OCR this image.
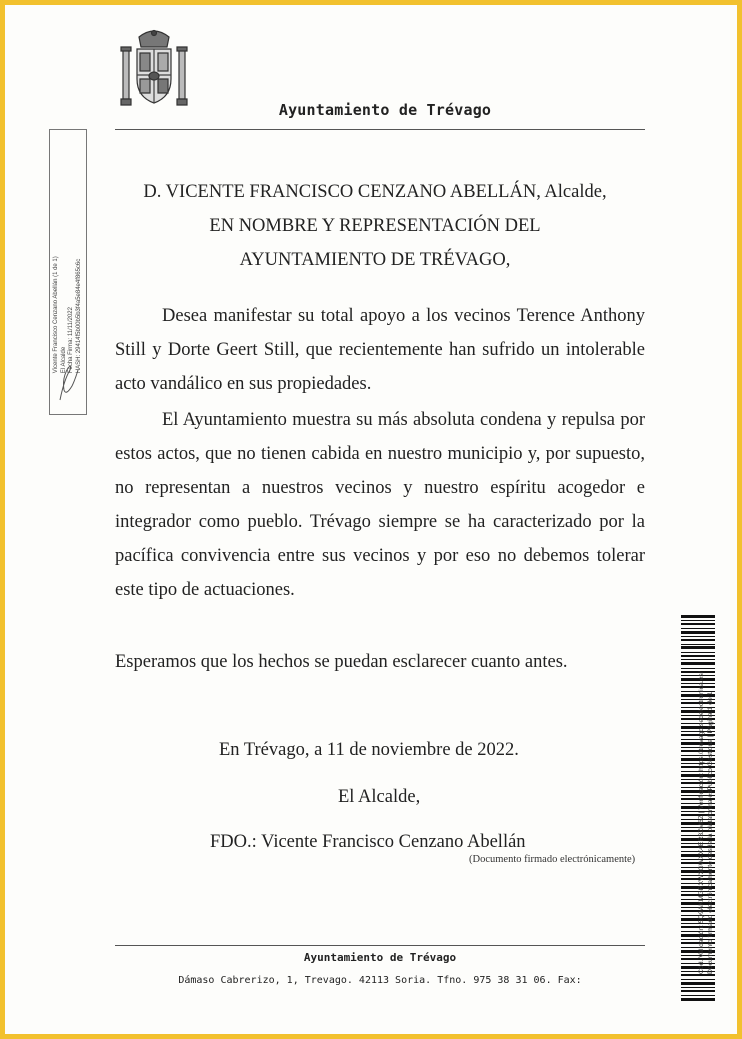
Ayuntamiento de Trévago
Vicente Francisco Cenzano Abellán (1 de 1) El Alcalde Fecha Firma: 11/11/2022 HASH: 29414f5b00b5b3f4a5e84e4f865c6c
D. VICENTE FRANCISCO CENZANO ABELLÁN, Alcalde,
EN NOMBRE Y REPRESENTACIÓN DEL
AYUNTAMIENTO DE TRÉVAGO,

Desea manifestar su total apoyo a los vecinos Terence Anthony Still y Dorte Geert Still, que recientemente han sufrido un intolerable acto vandálico en sus propiedades.

El Ayuntamiento muestra su más absoluta condena y repulsa por estos actos, que no tienen cabida en nuestro municipio y, por supuesto, no representan a nuestros vecinos y nuestro espíritu acogedor e integrador como pueblo. Trévago siempre se ha caracterizado por la pacífica convivencia entre sus vecinos y por eso no debemos tolerar este tipo de actuaciones.

Esperamos que los hechos se puedan esclarecer cuanto antes.

En Trévago, a 11 de noviembre de 2022.
El Alcalde,
FDO.: Vicente Francisco Cenzano Abellán
(Documento firmado electrónicamente)
Ayuntamiento de Trévago
Dámaso Cabrerizo, 1, Trevago. 42113 Soria. Tfno. 975 38 31 06. Fax:
Cód. Validación: 5Q9AKMGRXW3GWXX4ER3ZM6Z | Verificación: https://trevago.sedelectronica.es/ Documento firmado electrónicamente desde la plataforma esPublico Gestiona | Página 1 de 1
